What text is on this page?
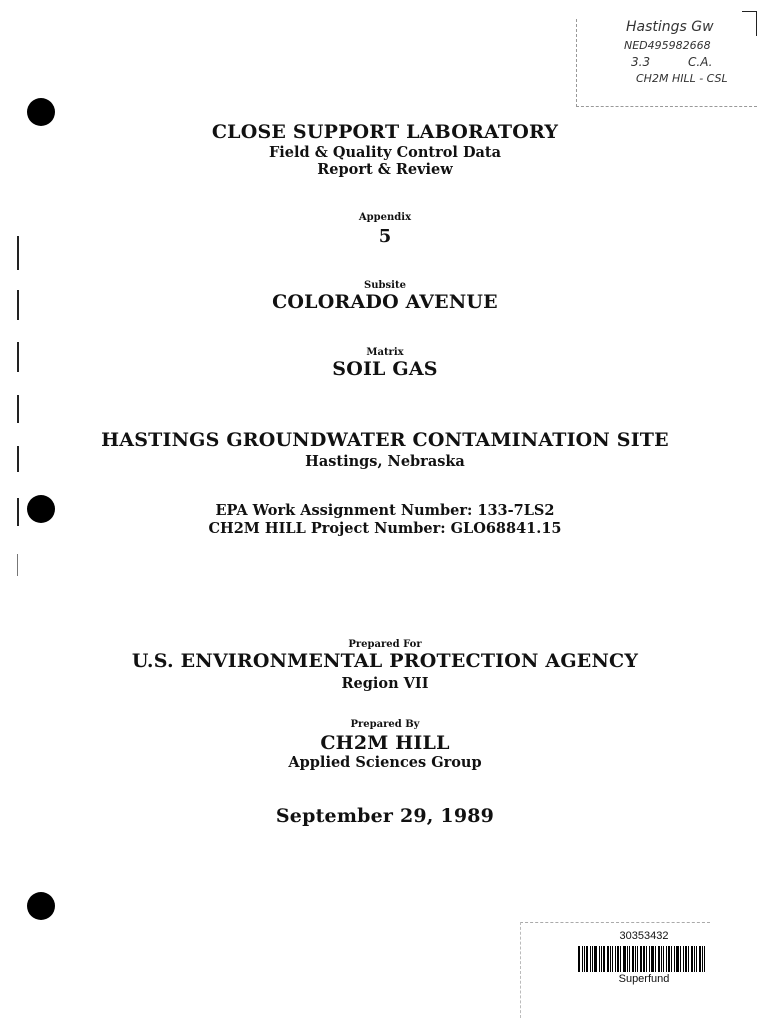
Hastings Gw
NED495982668
3.3	C.A.
CH2M HILL - CSL
CLOSE SUPPORT LABORATORY
Field & Quality Control Data
Report & Review
Appendix
5
Subsite
COLORADO AVENUE
Matrix
SOIL GAS
HASTINGS GROUNDWATER CONTAMINATION SITE
Hastings, Nebraska
EPA Work Assignment Number: 133-7LS2
CH2M HILL Project Number: GLO68841.15
Prepared For
U.S. ENVIRONMENTAL PROTECTION AGENCY
Region VII
Prepared By
CH2M HILL
Applied Sciences Group
September 29, 1989
30353432
Superfund
